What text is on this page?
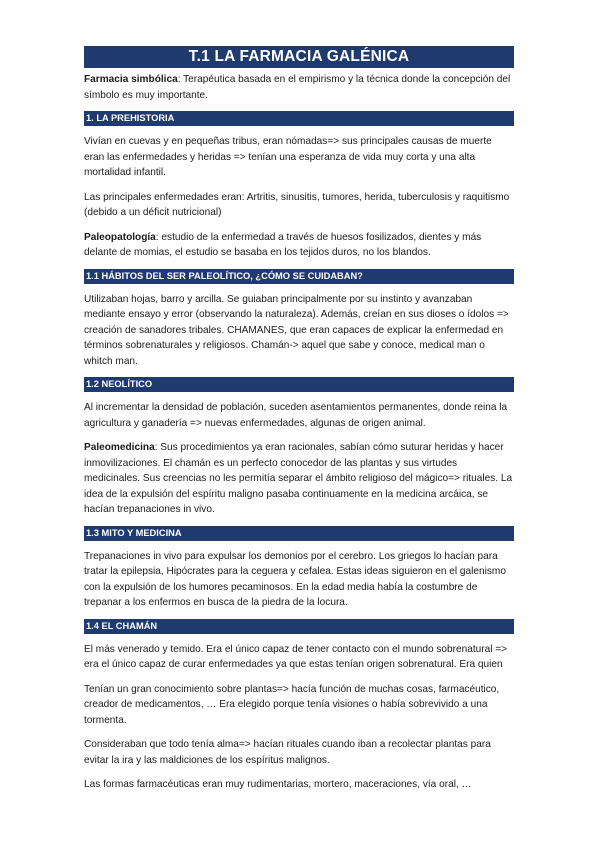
T.1 LA FARMACIA GALÉNICA

Farmacia simbólica: Terapéutica basada en el empirismo y la técnica donde la concepción del símbolo es muy importante.

1. LA PREHISTORIA

Vivían en cuevas y en pequeñas tribus, eran nómadas=> sus principales causas de muerte eran las enfermedades y heridas => tenían una esperanza de vida muy corta y una alta mortalidad infantil.

Las principales enfermedades eran: Artritis, sinusitis, tumores, herida, tuberculosis y raquitismo (debido a un déficit nutricional)

Paleopatología: estudio de la enfermedad a través de huesos fosilizados, dientes y más delante de momias, el estudio se basaba en los tejidos duros, no los blandos.

1.1 HÁBITOS DEL SER PALEOLÍTICO, ¿CÓMO SE CUIDABAN?

Utilizaban hojas, barro y arcilla. Se guiaban principalmente por su instinto y avanzaban mediante ensayo y error (observando la naturaleza). Además, creían en sus dioses o ídolos => creación de sanadores tribales. CHAMANES, que eran capaces de explicar la enfermedad en términos sobrenaturales y religiosos. Chamán-> aquel que sabe y conoce, medical man o whitch man.

1.2 NEOLÍTICO

Al incrementar la densidad de población, suceden asentamientos permanentes, donde reina la agricultura y ganadería => nuevas enfermedades, algunas de origen animal.

Paleomedicina: Sus procedimientos ya eran racionales, sabían cómo suturar heridas y hacer inmovilizaciones. El chamán es un perfecto conocedor de las plantas y sus virtudes medicinales. Sus creencias no les permitía separar el ámbito religioso del mágico=> rituales. La idea de la expulsión del espíritu maligno pasaba continuamente en la medicina arcáica, se hacían trepanaciones in vivo.

1.3 MITO Y MEDICINA

Trepanaciones in vivo para expulsar los demonios por el cerebro. Los griegos lo hacían para tratar la epilepsia, Hipócrates para la ceguera y cefalea. Estas ideas siguieron en el galenismo con la expulsión de los humores pecaminosos. En la edad media había la costumbre de trepanar a los enfermos en busca de la piedra de la locura.

1.4 EL CHAMÁN

El más venerado y temido. Era el único capaz de tener contacto con el mundo sobrenatural => era el único capaz de curar enfermedades ya que estas tenían origen sobrenatural. Era quien

Tenían un gran conocimiento sobre plantas=> hacía función de muchas cosas, farmacéutico, creador de medicamentos, … Era elegido porque tenía visiones o había sobrevivido a una tormenta.

Consideraban que todo tenía alma=> hacían rituales cuando iban a recolectar plantas para evitar la ira y las maldiciones de los espíritus malignos.

Las formas farmacéuticas eran muy rudimentarias, mortero, maceraciones, vía oral, …
